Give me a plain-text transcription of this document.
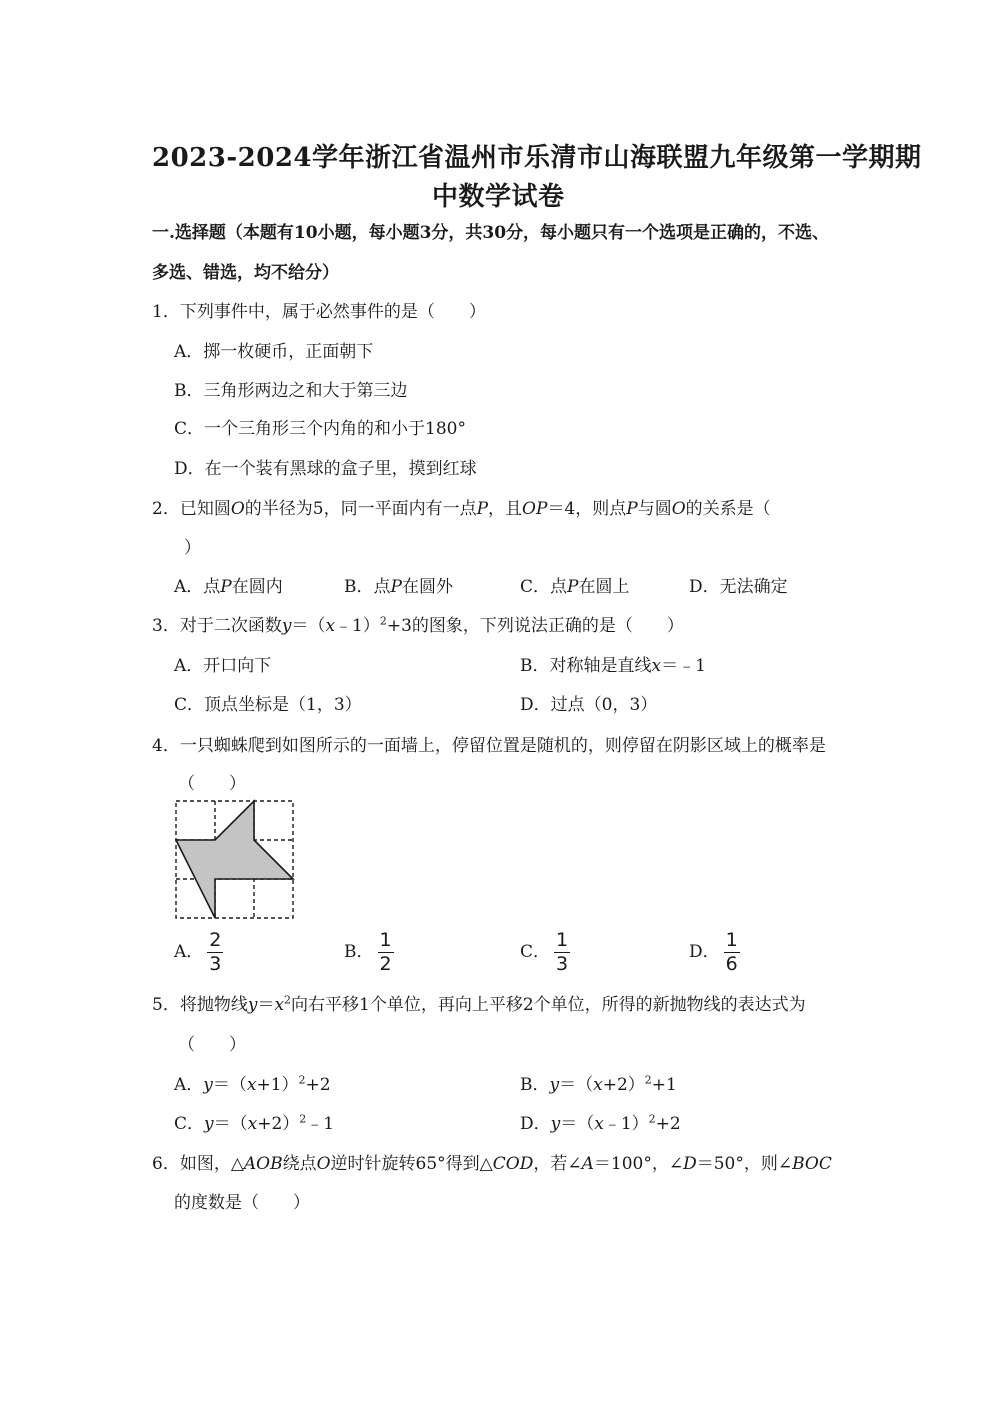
2023-2024学年浙江省温州市乐清市山海联盟九年级第一学期期
中数学试卷
一.选择题（本题有10小题，每小题3分，共30分，每小题只有一个选项是正确的，不选、
多选、错选，均不给分）
1．下列事件中，属于必然事件的是（　　）
A．掷一枚硬币，正面朝下
B．三角形两边之和大于第三边
C．一个三角形三个内角的和小于180°
D．在一个装有黑球的盒子里，摸到红球
2．已知圆O的半径为5，同一平面内有一点P，且OP＝4，则点P与圆O的关系是（
）
A．点P在圆内	B．点P在圆外	C．点P在圆上	D．无法确定
3．对于二次函数y＝（x﹣1）$^2$+3的图象，下列说法正确的是（　　）
A．开口向下	B．对称轴是直线x＝﹣1
C．顶点坐标是（1，3）	D．过点（0，3）
4．一只蜘蛛爬到如图所示的一面墙上，停留位置是随机的，则停留在阴影区域上的概率是
（　　）
A． $\frac{2}{3}$	B． $\frac{1}{2}$	C． $\frac{1}{3}$	D． $\frac{1}{6}$
5．将抛物线$y=x^2$向右平移1个单位，再向上平移2个单位，所得的新抛物线的表达式为
（　　）
A．$y=(x+1)^2+2$	B．$y=(x+2)^2+1$
C．$y=(x+2)^2﹣1$	D．y＝（x﹣1）$^2$+2
6．如图，△AOB绕点O逆时针旋转65°得到△COD，若∠A＝100°，∠D＝50°，则∠BOC
的度数是（　　）
